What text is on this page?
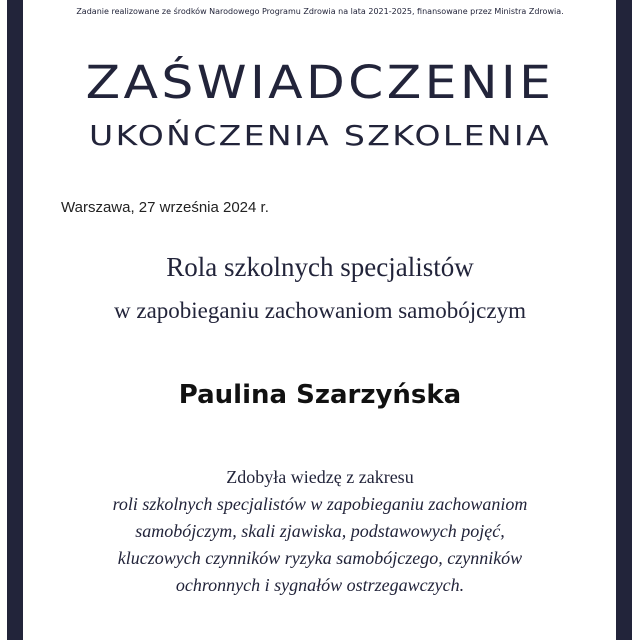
Zadanie realizowane ze środków Narodowego Programu Zdrowia na lata 2021-2025, finansowane przez Ministra Zdrowia.
ZAŚWIADCZENIE
UKOŃCZENIA SZKOLENIA
Warszawa, 27 września 2024 r.
Rola szkolnych specjalistów
w zapobieganiu zachowaniom samobójczym
Paulina Szarzyńska
Zdobyła wiedzę z zakresu
roli szkolnych specjalistów w zapobieganiu zachowaniom
samobójczym, skali zjawiska, podstawowych pojęć,
kluczowych czynników ryzyka samobójczego, czynników
ochronnych i sygnałów ostrzegawczych.
